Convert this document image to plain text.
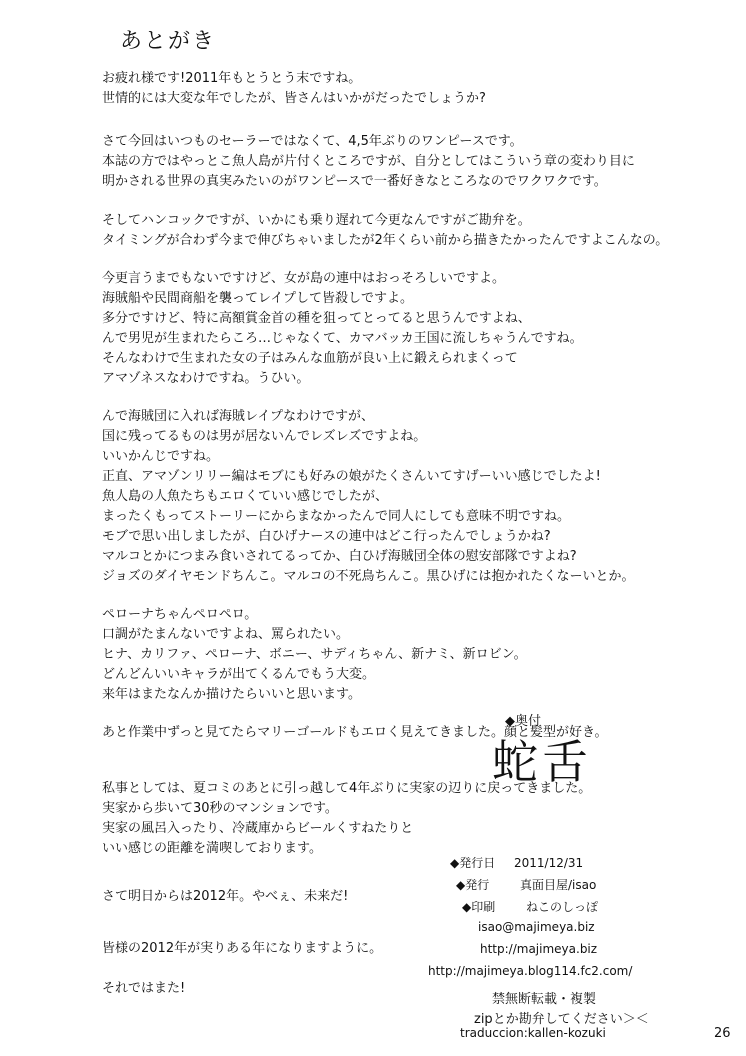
あとがき
お疲れ様です!2011年もとうとう末ですね。
世情的には大変な年でしたが、皆さんはいかがだったでしょうか?
さて今回はいつものセーラーではなくて、4,5年ぶりのワンピースです。
本誌の方ではやっとこ魚人島が片付くところですが、自分としてはこういう章の変わり目に
明かされる世界の真実みたいのがワンピースで一番好きなところなのでワクワクです。
そしてハンコックですが、いかにも乗り遅れて今更なんですがご勘弁を。
タイミングが合わず今まで伸びちゃいましたが2年くらい前から描きたかったんですよこんなの。
今更言うまでもないですけど、女が島の連中はおっそろしいですよ。
海賊船や民間商船を襲ってレイプして皆殺しですよ。
多分ですけど、特に高額賞金首の種を狙ってとってると思うんですよね、
んで男児が生まれたらころ…じゃなくて、カマバッカ王国に流しちゃうんですね。
そんなわけで生まれた女の子はみんな血筋が良い上に鍛えられまくって
アマゾネスなわけですね。うひい。
んで海賊団に入れば海賊レイプなわけですが、
国に残ってるものは男が居ないんでレズレズですよね。
いいかんじですね。
正直、アマゾンリリー編はモブにも好みの娘がたくさんいてすげーいい感じでしたよ!
魚人島の人魚たちもエロくていい感じでしたが、
まったくもってストーリーにからまなかったんで同人にしても意味不明ですね。
モブで思い出しましたが、白ひげナースの連中はどこ行ったんでしょうかね?
マルコとかにつまみ食いされてるってか、白ひげ海賊団全体の慰安部隊ですよね?
ジョズのダイヤモンドちんこ。マルコの不死鳥ちんこ。黒ひげには抱かれたくなーいとか。
ペローナちゃんペロペロ。
口調がたまんないですよね、罵られたい。
ヒナ、カリファ、ペローナ、ボニー、サディちゃん、新ナミ、新ロビン。
どんどんいいキャラが出てくるんでもう大変。
来年はまたなんか描けたらいいと思います。
あと作業中ずっと見てたらマリーゴールドもエロく見えてきました。顔と髪型が好き。
私事としては、夏コミのあとに引っ越して4年ぶりに実家の辺りに戻ってきました。
実家から歩いて30秒のマンションです。
実家の風呂入ったり、冷蔵庫からビールくすねたりと
いい感じの距離を満喫しております。
さて明日からは2012年。やべぇ、未来だ!
皆様の2012年が実りある年になりますように。
それではまた!
◆奥付
蛇舌
◆発行日 2011/12/31
◆発行	真面目屋/isao
◆印刷	ねこのしっぽ
isao@majimeya.biz
http://majimeya.biz
http://majimeya.blog114.fc2.com/
禁無断転載・複製
zipとか勘弁してください＞＜
traduccion:kallen-kozuki	26
